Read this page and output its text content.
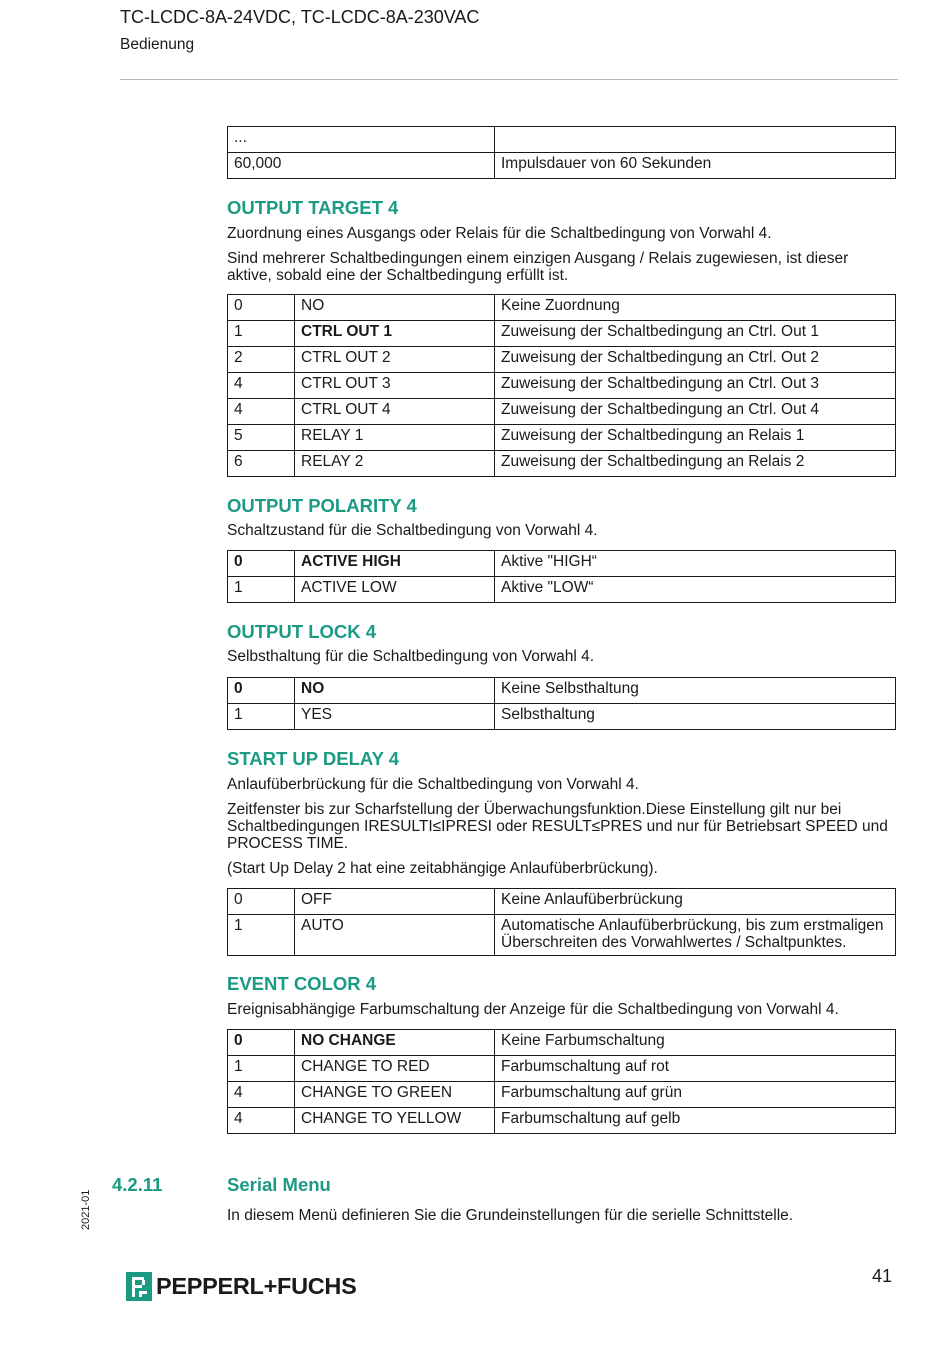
TC-LCDC-8A-24VDC, TC-LCDC-8A-230VAC
Bedienung
...	
60,000	Impulsdauer von 60 Sekunden
OUTPUT TARGET 4

Zuordnung eines Ausgangs oder Relais für die Schaltbedingung von Vorwahl 4.

Sind mehrerer Schaltbedingungen einem einzigen Ausgang / Relais zugewiesen, ist dieser aktive, sobald eine der Schaltbedingung erfüllt ist.

0	NO	Keine Zuordnung
1	CTRL OUT 1	Zuweisung der Schaltbedingung an Ctrl. Out 1
2	CTRL OUT 2	Zuweisung der Schaltbedingung an Ctrl. Out 2
4	CTRL OUT 3	Zuweisung der Schaltbedingung an Ctrl. Out 3
4	CTRL OUT 4	Zuweisung der Schaltbedingung an Ctrl. Out 4
5	RELAY 1	Zuweisung der Schaltbedingung an Relais 1
6	RELAY 2	Zuweisung der Schaltbedingung an Relais 2
OUTPUT POLARITY 4

Schaltzustand für die Schaltbedingung von Vorwahl 4.

0	ACTIVE HIGH	Aktive "HIGH“
1	ACTIVE LOW	Aktive "LOW“
OUTPUT LOCK 4

Selbsthaltung für die Schaltbedingung von Vorwahl 4.

0	NO	Keine Selbsthaltung
1	YES	Selbsthaltung
START UP DELAY 4

Anlaufüberbrückung für die Schaltbedingung von Vorwahl 4.

Zeitfenster bis zur Scharfstellung der Überwachungsfunktion.Diese Einstellung gilt nur bei Schaltbedingungen IRESULTI≤IPRESI oder RESULT≤PRES und nur für Betriebsart SPEED und PROCESS TIME.

(Start Up Delay 2 hat eine zeitabhängige Anlaufüberbrückung).

0	OFF	Keine Anlaufüberbrückung
1	AUTO	Automatische Anlaufüberbrückung, bis zum erstmaligen Überschreiten des Vorwahlwertes / Schaltpunktes.
EVENT COLOR 4

Ereignisabhängige Farbumschaltung der Anzeige für die Schaltbedingung von Vorwahl 4.

0	NO CHANGE	Keine Farbumschaltung
1	CHANGE TO RED	Farbumschaltung auf rot
4	CHANGE TO GREEN	Farbumschaltung auf grün
4	CHANGE TO YELLOW	Farbumschaltung auf gelb
4.2.11	Serial Menu
In diesem Menü definieren Sie die Grundeinstellungen für die serielle Schnittstelle.
2021-01
PEPPERL+FUCHS	41
